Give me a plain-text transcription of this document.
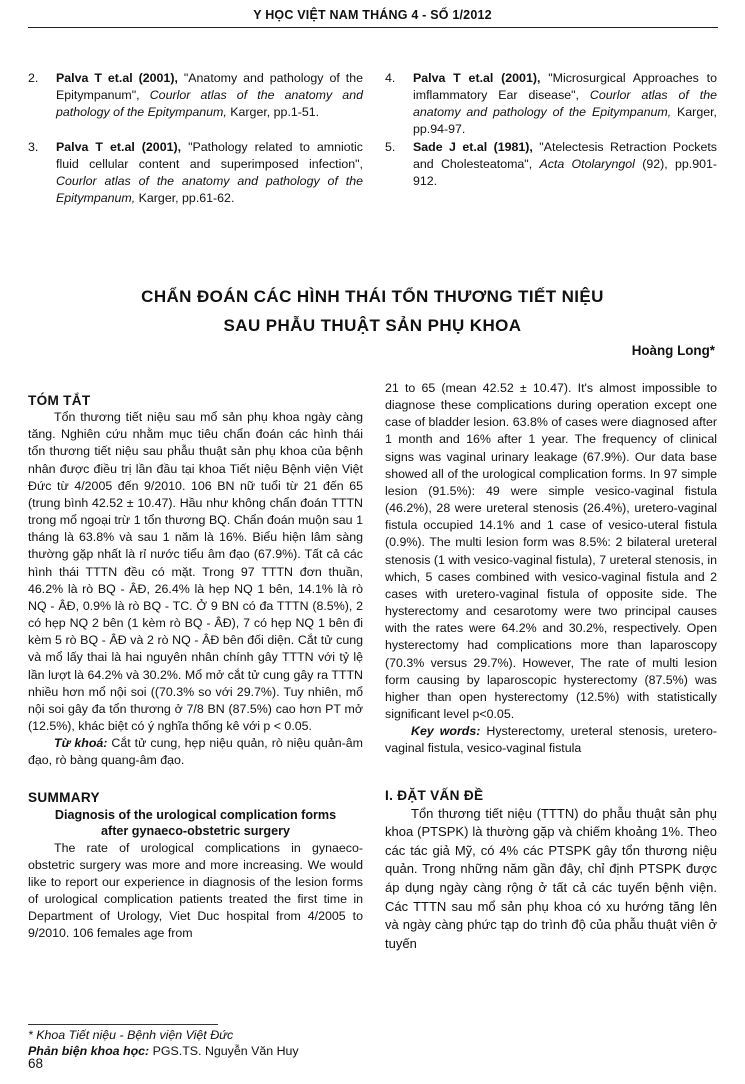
Y HỌC VIỆT NAM THÁNG 4 - SỐ 1/2012
2. Palva T et.al (2001), "Anatomy and pathology of the Epitympanum", Courlor atlas of the anatomy and pathology of the Epitympanum, Karger, pp.1-51.
3. Palva T et.al (2001), "Pathology related to amniotic fluid cellular content and superimposed infection", Courlor atlas of the anatomy and pathology of the Epitympanum, Karger, pp.61-62.
4. Palva T et.al (2001), "Microsurgical Approaches to imflammatory Ear disease", Courlor atlas of the anatomy and pathology of the Epitympanum, Karger, pp.94-97.
5. Sade J et.al (1981), "Atelectesis Retraction Pockets and Cholesteatoma", Acta Otolaryngol (92), pp.901-912.
CHẨN ĐOÁN CÁC HÌNH THÁI TỔN THƯƠNG TIẾT NIỆU
SAU PHẪU THUẬT SẢN PHỤ KHOA
Hoàng Long*
TÓM TẮT

Tổn thương tiết niệu sau mổ sản phụ khoa ngày càng tăng. Nghiên cứu nhằm mục tiêu chẩn đoán các hình thái tổn thương tiết niệu sau phẫu thuật sản phụ khoa của bệnh nhân được điều trị lần đầu tại khoa Tiết niệu Bệnh viện Việt Đức từ 4/2005 đến 9/2010. 106 BN nữ tuổi từ 21 đến 65 (trung bình 42.52 ± 10.47). Hầu như không chẩn đoán TTTN trong mổ ngoại trừ 1 tổn thương BQ. Chẩn đoán muộn sau 1 tháng là 63.8% và sau 1 năm là 16%. Biểu hiện lâm sàng thường gặp nhất là rỉ nước tiểu âm đạo (67.9%). Tất cả các hình thái TTTN đều có mặt. Trong 97 TTTN đơn thuần, 46.2% là rò BQ - ÂĐ, 26.4% là hẹp NQ 1 bên, 14.1% là rò NQ - ÂĐ, 0.9% là rò BQ - TC. Ở 9 BN có đa TTTN (8.5%), 2 có hẹp NQ 2 bên (1 kèm rò BQ - ÂĐ), 7 có hẹp NQ 1 bên đi kèm 5 rò BQ - ÂĐ và 2 rò NQ - ÂĐ bên đối diện. Cắt tử cung và mổ lấy thai là hai nguyên nhân chính gây TTTN với tỷ lệ lần lượt là 64.2% và 30.2%. Mổ mở cắt tử cung gây ra TTTN nhiều hơn mổ nội soi ((70.3% so với 29.7%). Tuy nhiên, mổ nội soi gây đa tổn thương ở 7/8 BN (87.5%) cao hơn PT mở (12.5%), khác biệt có ý nghĩa thống kê với p < 0.05.

Từ khoá: Cắt tử cung, hẹp niệu quản, rò niệu quản-âm đạo, rò bàng quang-âm đạo.

SUMMARY
Diagnosis of the urological complication forms
after gynaeco-obstetric surgery

The rate of urological complications in gynaeco-obstetric surgery was more and more increasing. We would like to report our experience in diagnosis of the lesion forms of urological complication patients treated the first time in Department of Urology, Viet Duc hospital from 4/2005 to 9/2010. 106 females age from

21 to 65 (mean 42.52 ± 10.47). It's almost impossible to diagnose these complications during operation except one case of bladder lesion. 63.8% of cases were diagnosed after 1 month and 16% after 1 year. The frequency of clinical signs was vaginal urinary leakage (67.9%). Our data base showed all of the urological complication forms. In 97 simple lesion (91.5%): 49 were simple vesico-vaginal fistula (46.2%), 28 were ureteral stenosis (26.4%), uretero-vaginal fistula occupied 14.1% and 1 case of vesico-uteral fistula (0.9%). The multi lesion form was 8.5%: 2 bilateral ureteral stenosis (1 with vesico-vaginal fistula), 7 ureteral stenosis, in which, 5 cases combined with vesico-vaginal fistula and 2 cases with uretero-vaginal fistula of opposite side. The hysterectomy and cesarotomy were two principal causes with the rates were 64.2% and 30.2%, respectively. Open hysterectomy had complications more than laparoscopy (70.3% versus 29.7%). However, The rate of multi lesion form causing by laparoscopic hysterectomy (87.5%) was higher than open hysterectomy (12.5%) with statistically significant level p<0.05.

Key words: Hysterectomy, ureteral stenosis, uretero-vaginal fistula, vesico-vaginal fistula

I. ĐẶT VẤN ĐỀ

Tổn thương tiết niệu (TTTN) do phẫu thuật sản phụ khoa (PTSPK) là thường gặp và chiếm khoảng 1%. Theo các tác giả Mỹ, có 4% các PTSPK gây tổn thương niệu quản. Trong những năm gần đây, chỉ định PTSPK được áp dụng ngày càng rộng ở tất cả các tuyến bệnh viện. Các TTTN sau mổ sản phụ khoa có xu hướng tăng lên và ngày càng phức tạp do trình độ của phẫu thuật viên ở tuyến

* Khoa Tiết niệu - Bệnh viện Việt Đức
Phản biện khoa học: PGS.TS. Nguyễn Văn Huy
68
